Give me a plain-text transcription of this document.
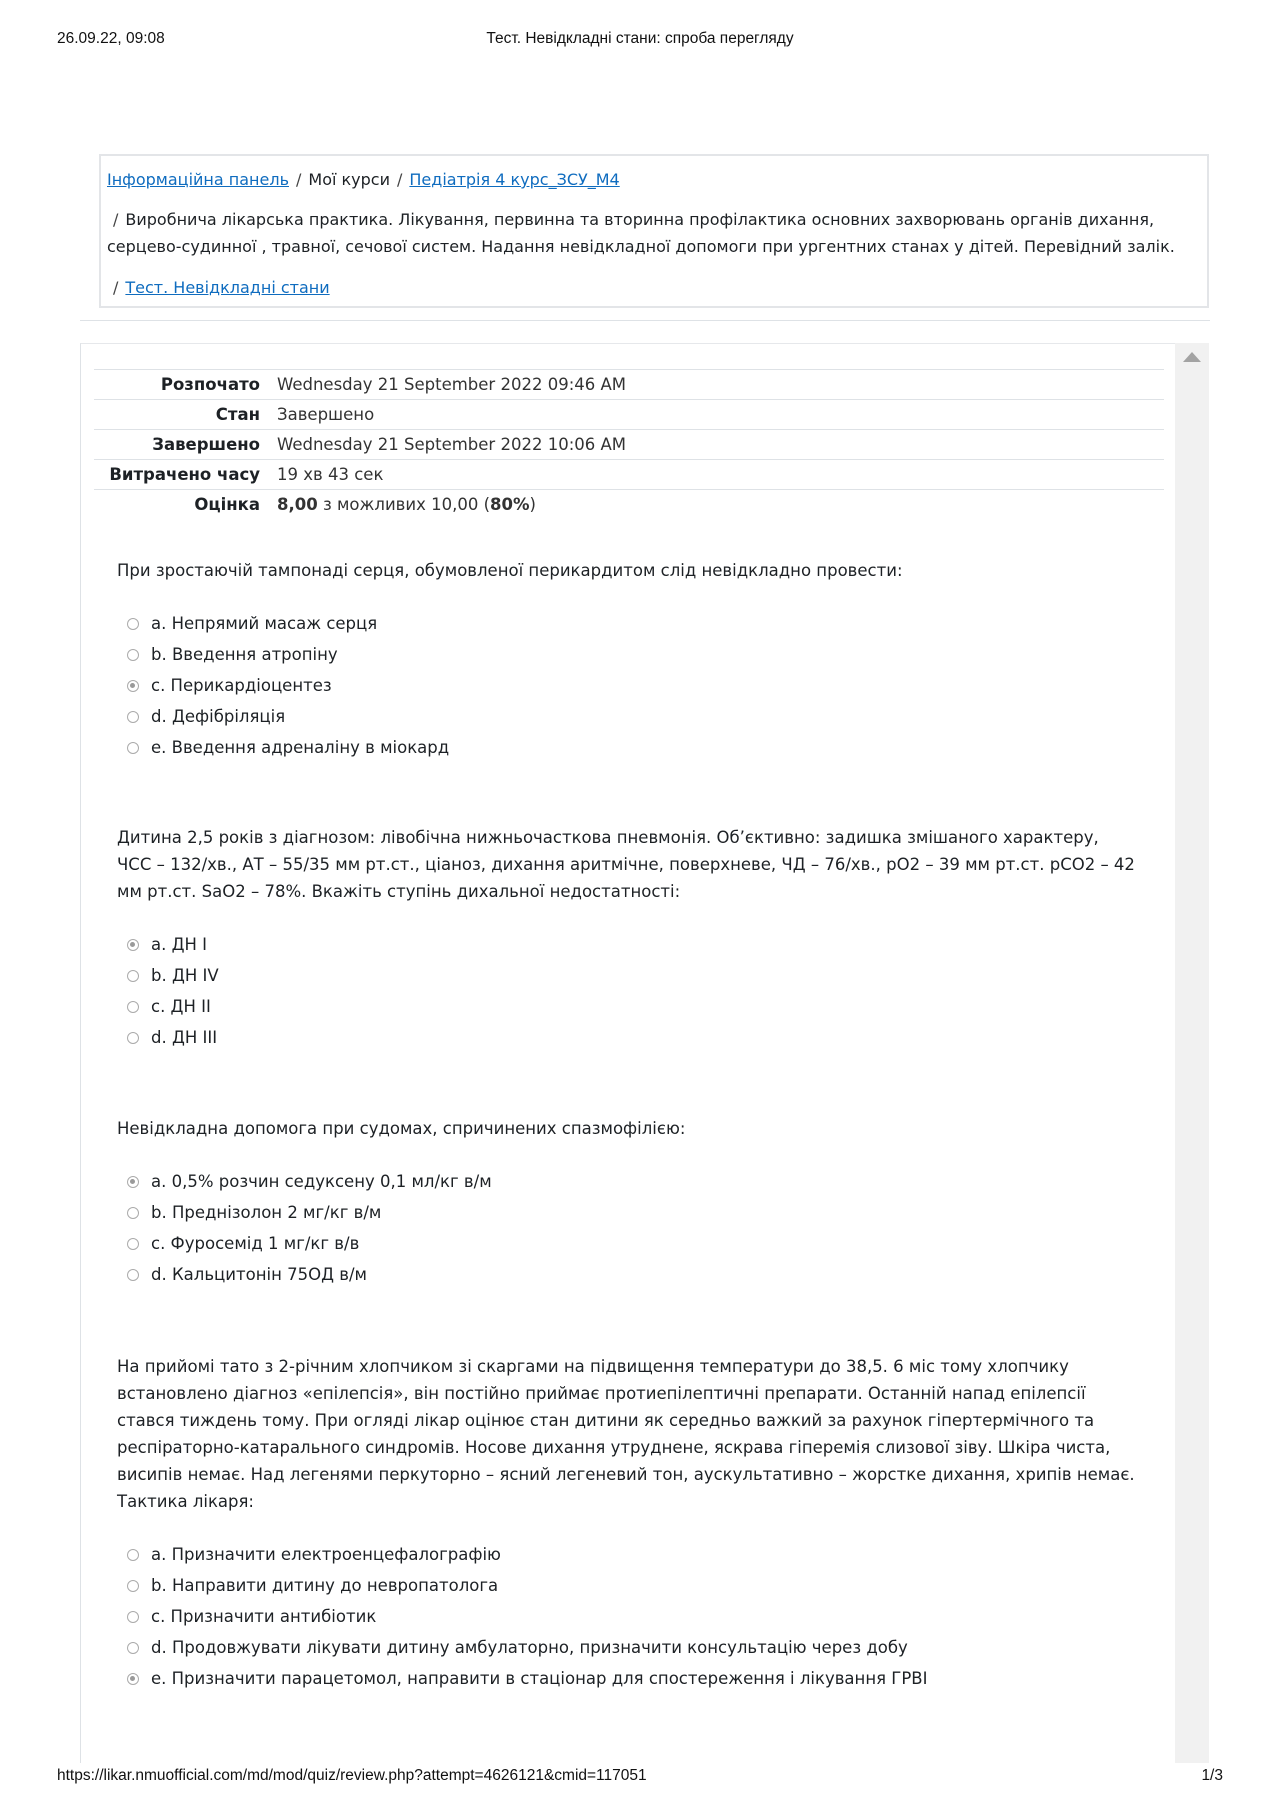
26.09.22, 09:08	Тест. Невідкладні стани: спроба перегляду
Інформаційна панель / Мої курси / Педіатрія 4 курс_ЗСУ_М4
/ Виробнича лікарська практика. Лікування, первинна та вторинна профілактика основних захворювань органів дихання, серцево-судинної , травної, сечової систем. Надання невідкладної допомоги при ургентних станах у дітей. Перевідний залік.
/ Тест. Невідкладні стани
Розпочато	Wednesday 21 September 2022 09:46 AM
Стан	Завершено
Завершено	Wednesday 21 September 2022 10:06 AM
Витрачено часу	19 хв 43 сек
Оцінка	8,00 з можливих 10,00 (80%)
При зростаючій тампонаді серця, обумовленої перикардитом слід невідкладно провести:
a. Непрямий масаж серця
b. Введення атропіну
c. Перикардіоцентез
d. Дефібріляція
e. Введення адреналіну в міокард
Дитина 2,5 років з діагнозом: лівобічна нижньочасткова пневмонія. Об’єктивно: задишка змішаного характеру, ЧСС – 132/хв., АТ – 55/35 мм рт.ст., ціаноз, дихання аритмічне, поверхневе, ЧД – 76/хв., рО2 – 39 мм рт.ст. рСО2 – 42 мм рт.ст. SaO2 – 78%. Вкажіть ступінь дихальної недостатності:
a. ДН I
b. ДН IV
c. ДН II
d. ДН III
Невідкладна допомога при судомах, спричинених спазмофілією:
a. 0,5% розчин седуксену 0,1 мл/кг в/м
b. Преднізолон 2 мг/кг в/м
c. Фуросемід 1 мг/кг в/в
d. Кальцитонін 75ОД в/м
На прийомі тато з 2-річним хлопчиком зі скаргами на підвищення температури до 38,5. 6 міс тому хлопчику встановлено діагноз «епілепсія», він постійно приймає протиепілептичні препарати. Останній напад епілепсії стався тиждень тому. При огляді лікар оцінює стан дитини як середньо важкий за рахунок гіпертермічного та респіраторно-катарального синдромів. Носове дихання утруднене, яскрава гіперемія слизової зіву. Шкіра чиста, висипів немає. Над легенями перкуторно – ясний легеневий тон, аускультативно – жорстке дихання, хрипів немає. Тактика лікаря:
a. Призначити електроенцефалографію
b. Направити дитину до невропатолога
c. Призначити антибіотик
d. Продовжувати лікувати дитину амбулаторно, призначити консультацію через добу
e. Призначити парацетомол, направити в стаціонар для спостереження і лікування ГРВІ
https://likar.nmuofficial.com/md/mod/quiz/review.php?attempt=4626121&cmid=117051	1/3
